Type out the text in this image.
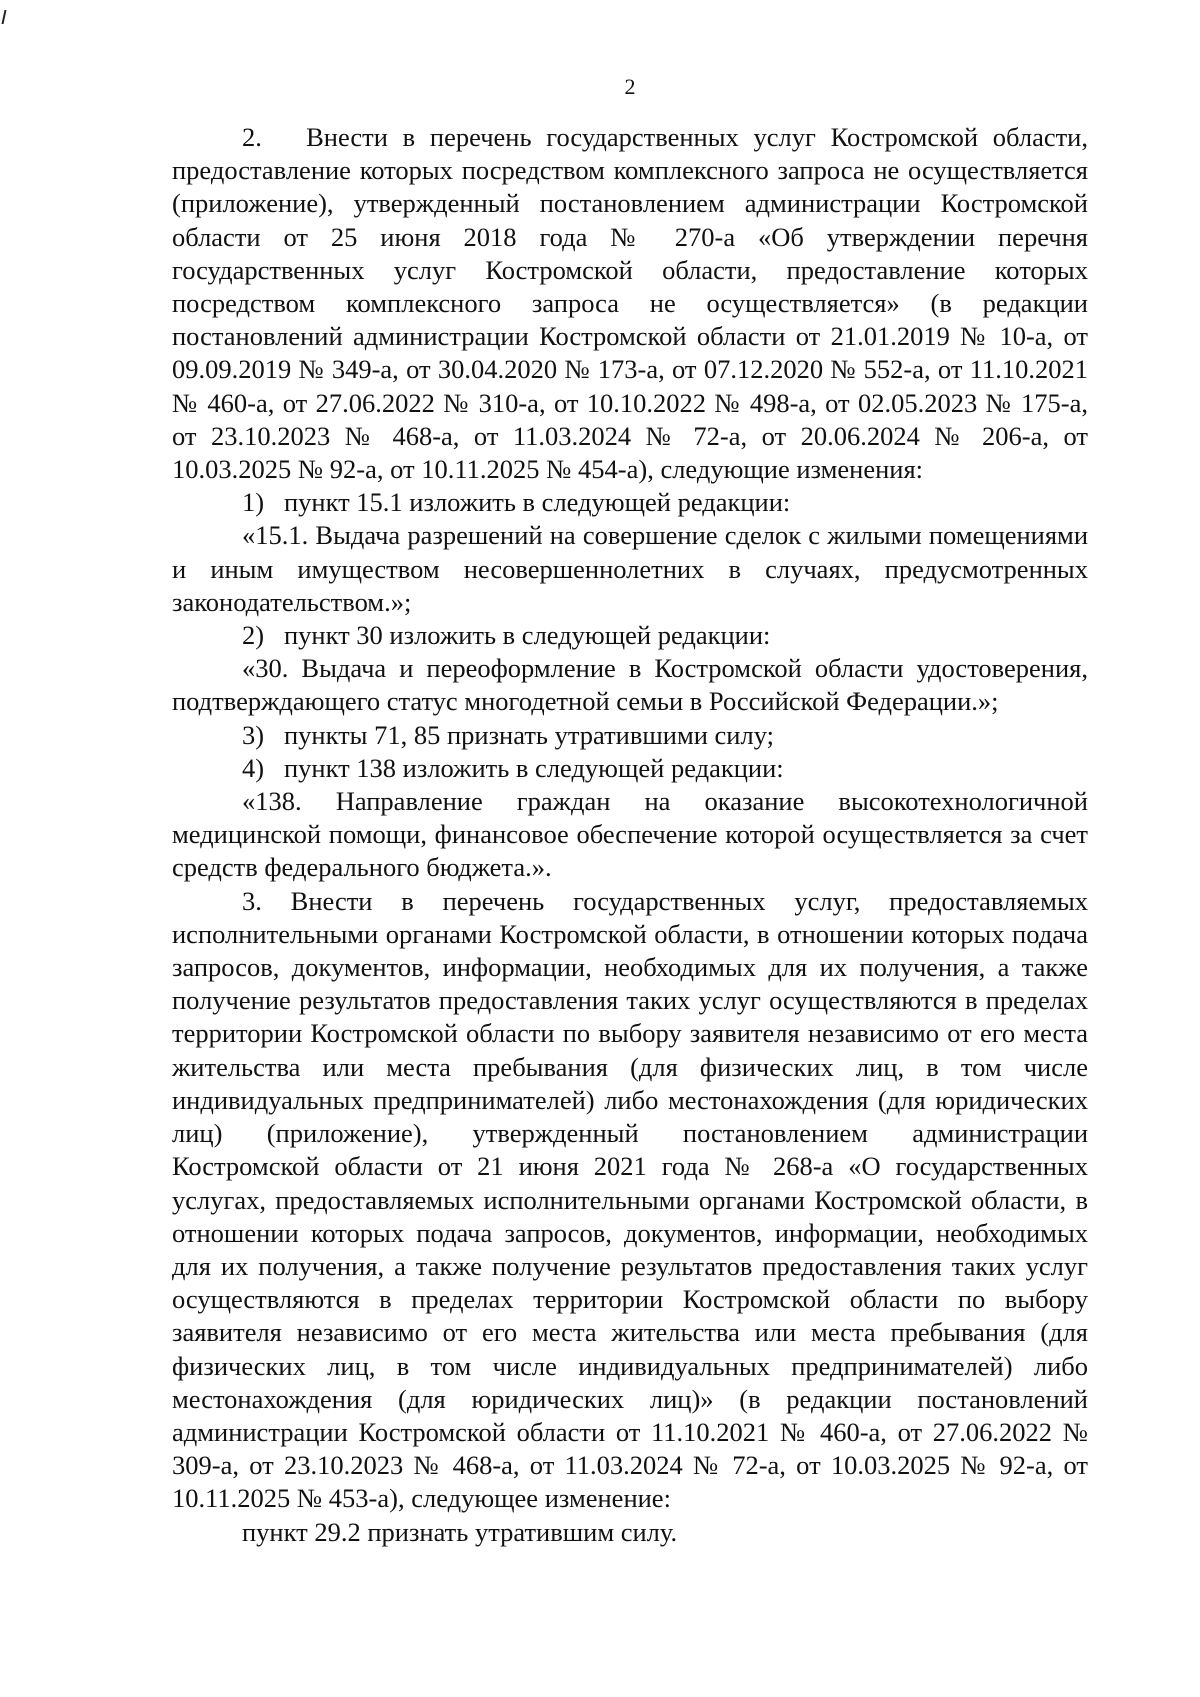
2

2.   Внести в перечень государственных услуг Костромской области, предоставление которых посредством комплексного запроса не осуществляется (приложение), утвержденный постановлением администрации Костромской области от 25 июня 2018 года № 270-а «Об утверждении перечня государственных услуг Костромской области, предоставление которых посредством комплексного запроса не осуществляется» (в редакции постановлений администрации Костромской области от 21.01.2019 № 10-а, от 09.09.2019 № 349-а, от 30.04.2020 № 173-а, от 07.12.2020 № 552-а, от 11.10.2021 № 460-а, от 27.06.2022 № 310-а, от 10.10.2022 № 498-а, от 02.05.2023 № 175-а, от 23.10.2023 № 468-а, от 11.03.2024 № 72-а, от 20.06.2024 № 206-а, от 10.03.2025 № 92-а, от 10.11.2025 № 454-а), следующие изменения:

1)   пункт 15.1 изложить в следующей редакции:

«15.1. Выдача разрешений на совершение сделок с жилыми помещениями и иным имуществом несовершеннолетних в случаях, предусмотренных законодательством.»;

2)   пункт 30 изложить в следующей редакции:

«30. Выдача и переоформление в Костромской области удостоверения, подтверждающего статус многодетной семьи в Российской Федерации.»;

3)   пункты 71, 85 признать утратившими силу;

4)   пункт 138 изложить в следующей редакции:

«138. Направление граждан на оказание высокотехнологичной медицинской помощи, финансовое обеспечение которой осуществляется за счет средств федерального бюджета.».

3. Внести в перечень государственных услуг, предоставляемых исполнительными органами Костромской области, в отношении которых подача запросов, документов, информации, необходимых для их получения, а также получение результатов предоставления таких услуг осуществляются в пределах территории Костромской области по выбору заявителя независимо от его места жительства или места пребывания (для физических лиц, в том числе индивидуальных предпринимателей) либо местонахождения (для юридических лиц) (приложение), утвержденный постановлением администрации Костромской области от 21 июня 2021 года № 268-а «О государственных услугах, предоставляемых исполнительными органами Костромской области, в отношении которых подача запросов, документов, информации, необходимых для их получения, а также получение результатов предоставления таких услуг осуществляются в пределах территории Костромской области по выбору заявителя независимо от его места жительства или места пребывания (для физических лиц, в том числе индивидуальных предпринимателей) либо местонахождения (для юридических лиц)» (в редакции постановлений администрации Костромской области от 11.10.2021 № 460-а, от 27.06.2022 № 309-а, от 23.10.2023 № 468-а, от 11.03.2024 № 72-а, от 10.03.2025 № 92-а, от 10.11.2025 № 453-а), следующее изменение:

пункт 29.2 признать утратившим силу.
